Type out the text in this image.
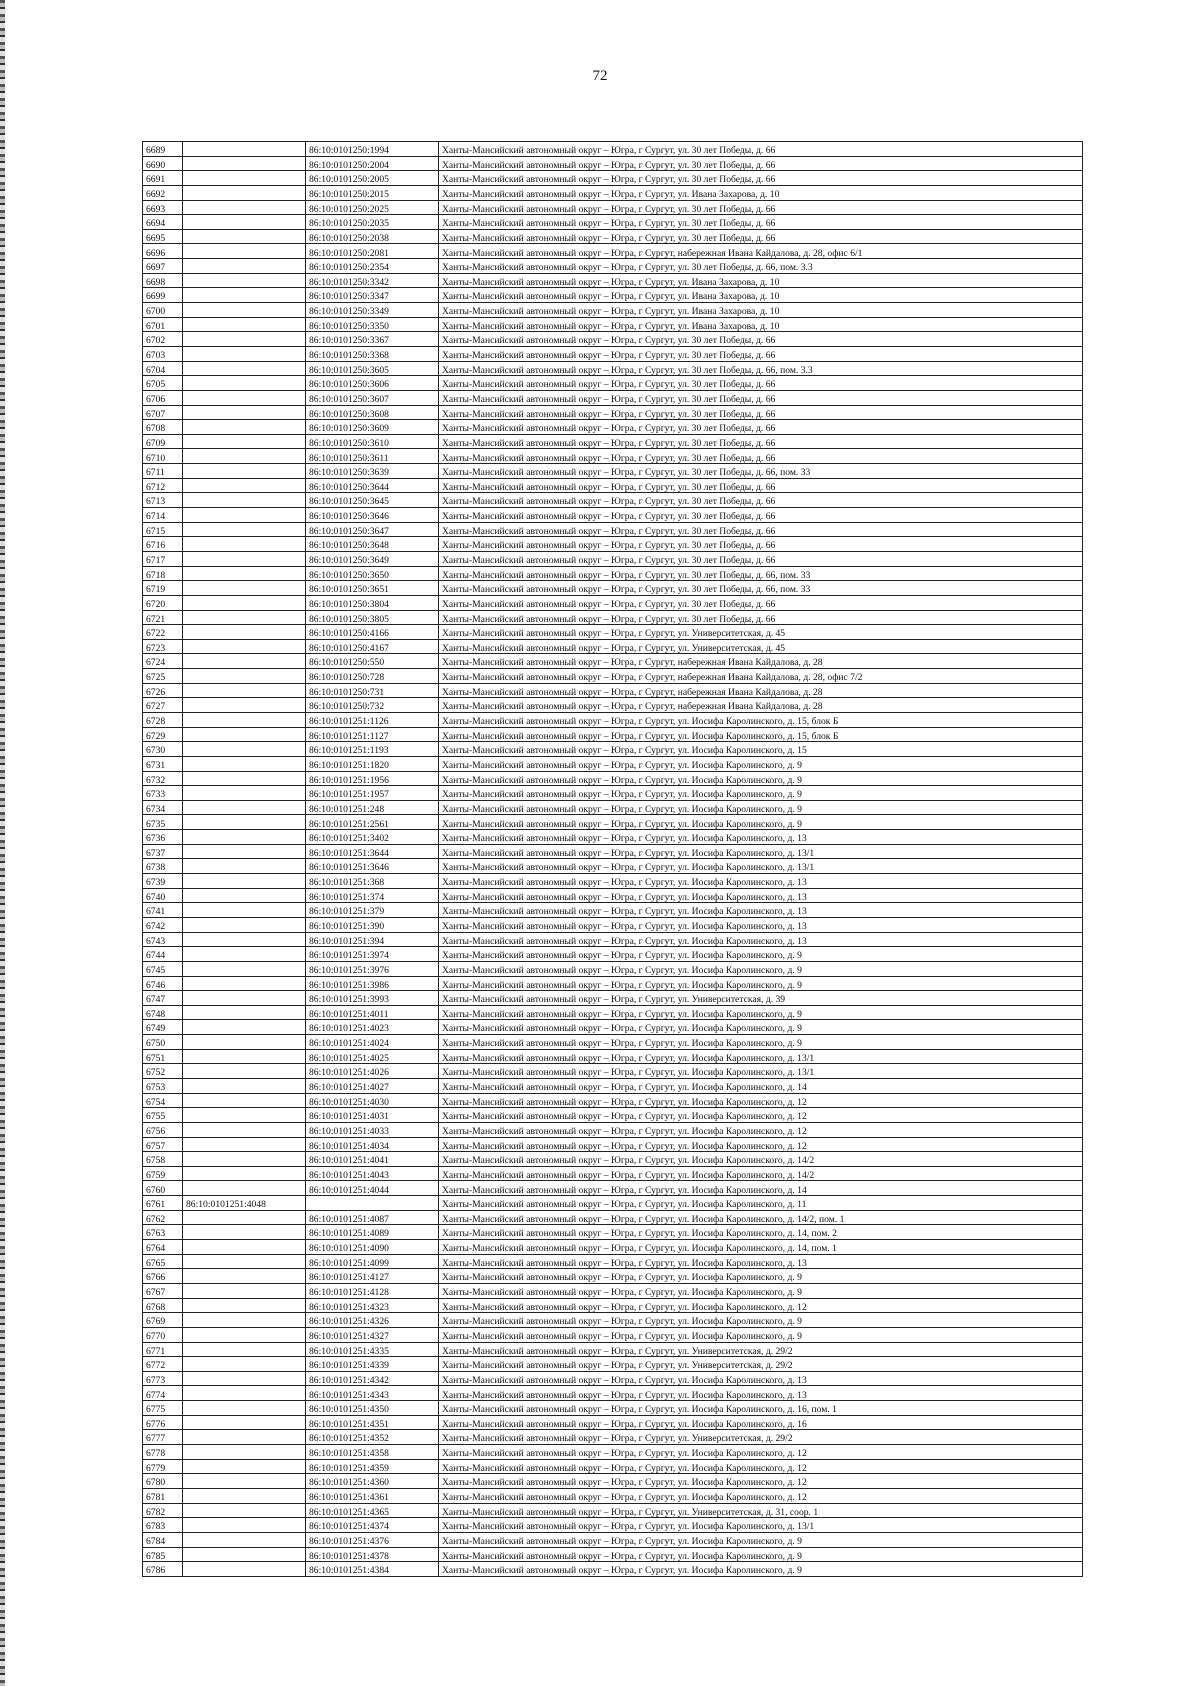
72
6689		86:10:0101250:1994	Ханты-Мансийский автономный округ – Югра, г Сургут, ул. 30 лет Победы, д. 66
6690		86:10:0101250:2004	Ханты-Мансийский автономный округ – Югра, г Сургут, ул. 30 лет Победы, д. 66
6691		86:10:0101250:2005	Ханты-Мансийский автономный округ – Югра, г Сургут, ул. 30 лет Победы, д. 66
6692		86:10:0101250:2015	Ханты-Мансийский автономный округ – Югра, г Сургут, ул. Ивана Захарова, д. 10
6693		86:10:0101250:2025	Ханты-Мансийский автономный округ – Югра, г Сургут, ул. 30 лет Победы, д. 66
6694		86:10:0101250:2035	Ханты-Мансийский автономный округ – Югра, г Сургут, ул. 30 лет Победы, д. 66
6695		86:10:0101250:2038	Ханты-Мансийский автономный округ – Югра, г Сургут, ул. 30 лет Победы, д. 66
6696		86:10:0101250:2081	Ханты-Мансийский автономный округ – Югра, г Сургут, набережная Ивана Кайдалова, д. 28, офис 6/1
6697		86:10:0101250:2354	Ханты-Мансийский автономный округ – Югра, г Сургут, ул. 30 лет Победы, д. 66, пом. 3.3
6698		86:10:0101250:3342	Ханты-Мансийский автономный округ – Югра, г Сургут, ул. Ивана Захарова, д. 10
6699		86:10:0101250:3347	Ханты-Мансийский автономный округ – Югра, г Сургут, ул. Ивана Захарова, д. 10
6700		86:10:0101250:3349	Ханты-Мансийский автономный округ – Югра, г Сургут, ул. Ивана Захарова, д. 10
6701		86:10:0101250:3350	Ханты-Мансийский автономный округ – Югра, г Сургут, ул. Ивана Захарова, д. 10
6702		86:10:0101250:3367	Ханты-Мансийский автономный округ – Югра, г Сургут, ул. 30 лет Победы, д. 66
6703		86:10:0101250:3368	Ханты-Мансийский автономный округ – Югра, г Сургут, ул. 30 лет Победы, д. 66
6704		86:10:0101250:3605	Ханты-Мансийский автономный округ – Югра, г Сургут, ул. 30 лет Победы, д. 66, пом. 3.3
6705		86:10:0101250:3606	Ханты-Мансийский автономный округ – Югра, г Сургут, ул. 30 лет Победы, д. 66
6706		86:10:0101250:3607	Ханты-Мансийский автономный округ – Югра, г Сургут, ул. 30 лет Победы, д. 66
6707		86:10:0101250:3608	Ханты-Мансийский автономный округ – Югра, г Сургут, ул. 30 лет Победы, д. 66
6708		86:10:0101250:3609	Ханты-Мансийский автономный округ – Югра, г Сургут, ул. 30 лет Победы, д. 66
6709		86:10:0101250:3610	Ханты-Мансийский автономный округ – Югра, г Сургут, ул. 30 лет Победы, д. 66
6710		86:10:0101250:3611	Ханты-Мансийский автономный округ – Югра, г Сургут, ул. 30 лет Победы, д. 66
6711		86:10:0101250:3639	Ханты-Мансийский автономный округ – Югра, г Сургут, ул. 30 лет Победы, д. 66, пом. 33
6712		86:10:0101250:3644	Ханты-Мансийский автономный округ – Югра, г Сургут, ул. 30 лет Победы, д. 66
6713		86:10:0101250:3645	Ханты-Мансийский автономный округ – Югра, г Сургут, ул. 30 лет Победы, д. 66
6714		86:10:0101250:3646	Ханты-Мансийский автономный округ – Югра, г Сургут, ул. 30 лет Победы, д. 66
6715		86:10:0101250:3647	Ханты-Мансийский автономный округ – Югра, г Сургут, ул. 30 лет Победы, д. 66
6716		86:10:0101250:3648	Ханты-Мансийский автономный округ – Югра, г Сургут, ул. 30 лет Победы, д. 66
6717		86:10:0101250:3649	Ханты-Мансийский автономный округ – Югра, г Сургут, ул. 30 лет Победы, д. 66
6718		86:10:0101250:3650	Ханты-Мансийский автономный округ – Югра, г Сургут, ул. 30 лет Победы, д. 66, пом. 33
6719		86:10:0101250:3651	Ханты-Мансийский автономный округ – Югра, г Сургут, ул. 30 лет Победы, д. 66, пом. 33
6720		86:10:0101250:3804	Ханты-Мансийский автономный округ – Югра, г Сургут, ул. 30 лет Победы, д. 66
6721		86:10:0101250:3805	Ханты-Мансийский автономный округ – Югра, г Сургут, ул. 30 лет Победы, д. 66
6722		86:10:0101250:4166	Ханты-Мансийский автономный округ – Югра, г Сургут, ул. Университетская, д. 45
6723		86:10:0101250:4167	Ханты-Мансийский автономный округ – Югра, г Сургут, ул. Университетская, д. 45
6724		86:10:0101250:550	Ханты-Мансийский автономный округ – Югра, г Сургут, набережная Ивана Кайдалова, д. 28
6725		86:10:0101250:728	Ханты-Мансийский автономный округ – Югра, г Сургут, набережная Ивана Кайдалова, д. 28, офис 7/2
6726		86:10:0101250:731	Ханты-Мансийский автономный округ – Югра, г Сургут, набережная Ивана Кайдалова, д. 28
6727		86:10:0101250:732	Ханты-Мансийский автономный округ – Югра, г Сургут, набережная Ивана Кайдалова, д. 28
6728		86:10:0101251:1126	Ханты-Мансийский автономный округ – Югра, г Сургут, ул. Иосифа Каролинского, д. 15, блок Б
6729		86:10:0101251:1127	Ханты-Мансийский автономный округ – Югра, г Сургут, ул. Иосифа Каролинского, д. 15, блок Б
6730		86:10:0101251:1193	Ханты-Мансийский автономный округ – Югра, г Сургут, ул. Иосифа Каролинского, д. 15
6731		86:10:0101251:1820	Ханты-Мансийский автономный округ – Югра, г Сургут, ул. Иосифа Каролинского, д. 9
6732		86:10:0101251:1956	Ханты-Мансийский автономный округ – Югра, г Сургут, ул. Иосифа Каролинского, д. 9
6733		86:10:0101251:1957	Ханты-Мансийский автономный округ – Югра, г Сургут, ул. Иосифа Каролинского, д. 9
6734		86:10:0101251:248	Ханты-Мансийский автономный округ – Югра, г Сургут, ул. Иосифа Каролинского, д. 9
6735		86:10:0101251:2561	Ханты-Мансийский автономный округ – Югра, г Сургут, ул. Иосифа Каролинского, д. 9
6736		86:10:0101251:3402	Ханты-Мансийский автономный округ – Югра, г Сургут, ул. Иосифа Каролинского, д. 13
6737		86:10:0101251:3644	Ханты-Мансийский автономный округ – Югра, г Сургут, ул. Иосифа Каролинского, д. 13/1
6738		86:10:0101251:3646	Ханты-Мансийский автономный округ – Югра, г Сургут, ул. Иосифа Каролинского, д. 13/1
6739		86:10:0101251:368	Ханты-Мансийский автономный округ – Югра, г Сургут, ул. Иосифа Каролинского, д. 13
6740		86:10:0101251:374	Ханты-Мансийский автономный округ – Югра, г Сургут, ул. Иосифа Каролинского, д. 13
6741		86:10:0101251:379	Ханты-Мансийский автономный округ – Югра, г Сургут, ул. Иосифа Каролинского, д. 13
6742		86:10:0101251:390	Ханты-Мансийский автономный округ – Югра, г Сургут, ул. Иосифа Каролинского, д. 13
6743		86:10:0101251:394	Ханты-Мансийский автономный округ – Югра, г Сургут, ул. Иосифа Каролинского, д. 13
6744		86:10:0101251:3974	Ханты-Мансийский автономный округ – Югра, г Сургут, ул. Иосифа Каролинского, д. 9
6745		86:10:0101251:3976	Ханты-Мансийский автономный округ – Югра, г Сургут, ул. Иосифа Каролинского, д. 9
6746		86:10:0101251:3986	Ханты-Мансийский автономный округ – Югра, г Сургут, ул. Иосифа Каролинского, д. 9
6747		86:10:0101251:3993	Ханты-Мансийский автономный округ – Югра, г Сургут, ул. Университетская, д. 39
6748		86:10:0101251:4011	Ханты-Мансийский автономный округ – Югра, г Сургут, ул. Иосифа Каролинского, д. 9
6749		86:10:0101251:4023	Ханты-Мансийский автономный округ – Югра, г Сургут, ул. Иосифа Каролинского, д. 9
6750		86:10:0101251:4024	Ханты-Мансийский автономный округ – Югра, г Сургут, ул. Иосифа Каролинского, д. 9
6751		86:10:0101251:4025	Ханты-Мансийский автономный округ – Югра, г Сургут, ул. Иосифа Каролинского, д. 13/1
6752		86:10:0101251:4026	Ханты-Мансийский автономный округ – Югра, г Сургут, ул. Иосифа Каролинского, д. 13/1
6753		86:10:0101251:4027	Ханты-Мансийский автономный округ – Югра, г Сургут, ул. Иосифа Каролинского, д. 14
6754		86:10:0101251:4030	Ханты-Мансийский автономный округ – Югра, г Сургут, ул. Иосифа Каролинского, д. 12
6755		86:10:0101251:4031	Ханты-Мансийский автономный округ – Югра, г Сургут, ул. Иосифа Каролинского, д. 12
6756		86:10:0101251:4033	Ханты-Мансийский автономный округ – Югра, г Сургут, ул. Иосифа Каролинского, д. 12
6757		86:10:0101251:4034	Ханты-Мансийский автономный округ – Югра, г Сургут, ул. Иосифа Каролинского, д. 12
6758		86:10:0101251:4041	Ханты-Мансийский автономный округ – Югра, г Сургут, ул. Иосифа Каролинского, д. 14/2
6759		86:10:0101251:4043	Ханты-Мансийский автономный округ – Югра, г Сургут, ул. Иосифа Каролинского, д. 14/2
6760		86:10:0101251:4044	Ханты-Мансийский автономный округ – Югра, г Сургут, ул. Иосифа Каролинского, д. 14
6761	86:10:0101251:4048		Ханты-Мансийский автономный округ – Югра, г Сургут, ул. Иосифа Каролинского, д. 11
6762		86:10:0101251:4087	Ханты-Мансийский автономный округ – Югра, г Сургут, ул. Иосифа Каролинского, д. 14/2, пом. 1
6763		86:10:0101251:4089	Ханты-Мансийский автономный округ – Югра, г Сургут, ул. Иосифа Каролинского, д. 14, пом. 2
6764		86:10:0101251:4090	Ханты-Мансийский автономный округ – Югра, г Сургут, ул. Иосифа Каролинского, д. 14, пом. 1
6765		86:10:0101251:4099	Ханты-Мансийский автономный округ – Югра, г Сургут, ул. Иосифа Каролинского, д. 13
6766		86:10:0101251:4127	Ханты-Мансийский автономный округ – Югра, г Сургут, ул. Иосифа Каролинского, д. 9
6767		86:10:0101251:4128	Ханты-Мансийский автономный округ – Югра, г Сургут, ул. Иосифа Каролинского, д. 9
6768		86:10:0101251:4323	Ханты-Мансийский автономный округ – Югра, г Сургут, ул. Иосифа Каролинского, д. 12
6769		86:10:0101251:4326	Ханты-Мансийский автономный округ – Югра, г Сургут, ул. Иосифа Каролинского, д. 9
6770		86:10:0101251:4327	Ханты-Мансийский автономный округ – Югра, г Сургут, ул. Иосифа Каролинского, д. 9
6771		86:10:0101251:4335	Ханты-Мансийский автономный округ – Югра, г Сургут, ул. Университетская, д. 29/2
6772		86:10:0101251:4339	Ханты-Мансийский автономный округ – Югра, г Сургут, ул. Университетская, д. 29/2
6773		86:10:0101251:4342	Ханты-Мансийский автономный округ – Югра, г Сургут, ул. Иосифа Каролинского, д. 13
6774		86:10:0101251:4343	Ханты-Мансийский автономный округ – Югра, г Сургут, ул. Иосифа Каролинского, д. 13
6775		86:10:0101251:4350	Ханты-Мансийский автономный округ – Югра, г Сургут, ул. Иосифа Каролинского, д. 16, пом. 1
6776		86:10:0101251:4351	Ханты-Мансийский автономный округ – Югра, г Сургут, ул. Иосифа Каролинского, д. 16
6777		86:10:0101251:4352	Ханты-Мансийский автономный округ – Югра, г Сургут, ул. Университетская, д. 29/2
6778		86:10:0101251:4358	Ханты-Мансийский автономный округ – Югра, г Сургут, ул. Иосифа Каролинского, д. 12
6779		86:10:0101251:4359	Ханты-Мансийский автономный округ – Югра, г Сургут, ул. Иосифа Каролинского, д. 12
6780		86:10:0101251:4360	Ханты-Мансийский автономный округ – Югра, г Сургут, ул. Иосифа Каролинского, д. 12
6781		86:10:0101251:4361	Ханты-Мансийский автономный округ – Югра, г Сургут, ул. Иосифа Каролинского, д. 12
6782		86:10:0101251:4365	Ханты-Мансийский автономный округ – Югра, г Сургут, ул. Университетская, д. 31, соор. 1
6783		86:10:0101251:4374	Ханты-Мансийский автономный округ – Югра, г Сургут, ул. Иосифа Каролинского, д. 13/1
6784		86:10:0101251:4376	Ханты-Мансийский автономный округ – Югра, г Сургут, ул. Иосифа Каролинского, д. 9
6785		86:10:0101251:4378	Ханты-Мансийский автономный округ – Югра, г Сургут, ул. Иосифа Каролинского, д. 9
6786		86:10:0101251:4384	Ханты-Мансийский автономный округ – Югра, г Сургут, ул. Иосифа Каролинского, д. 9
